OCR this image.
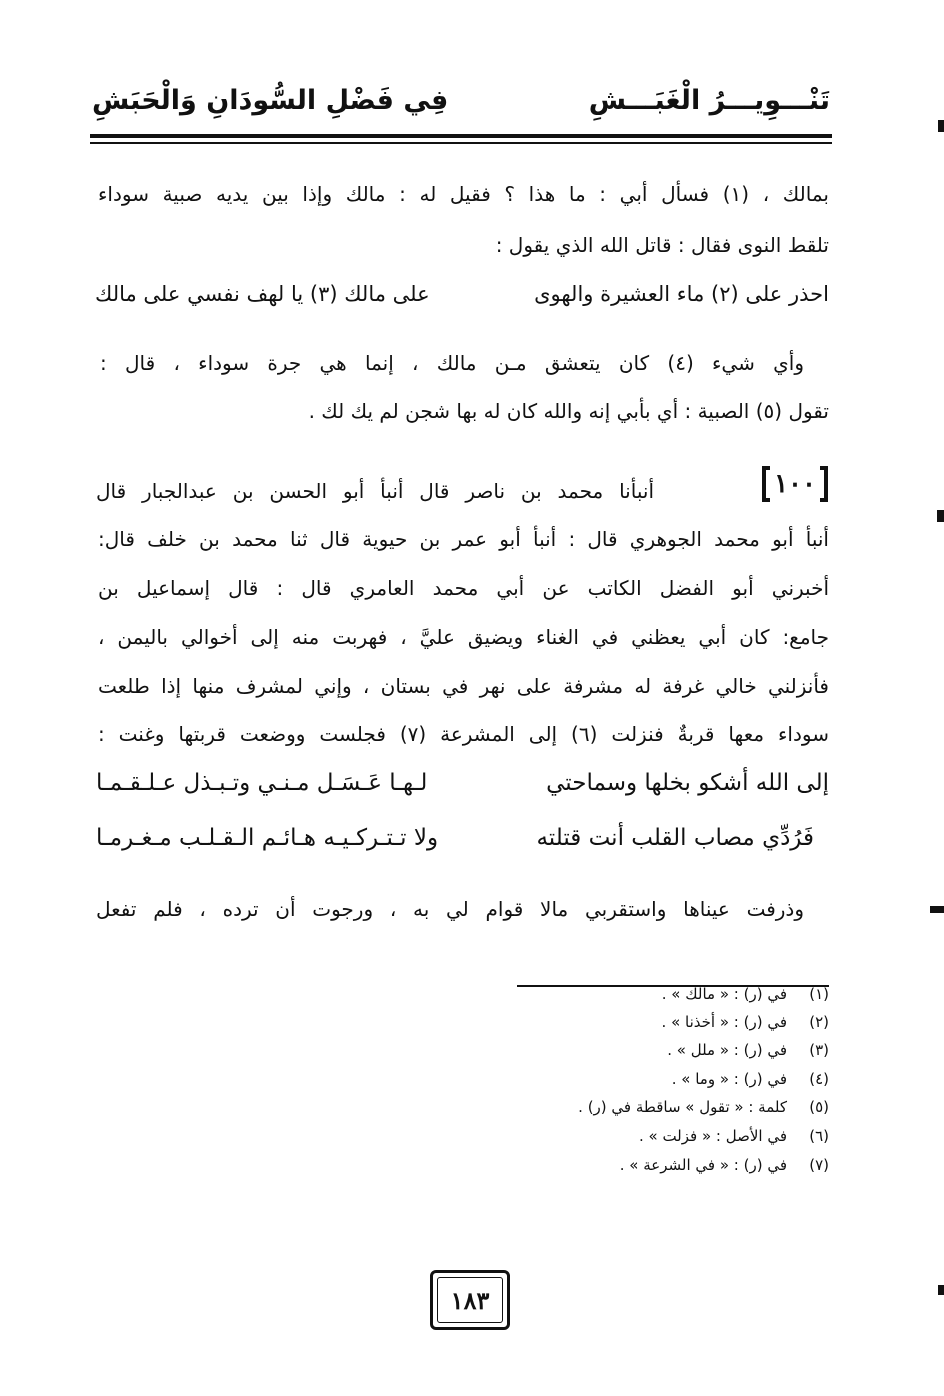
تَنْـــوِيـــرُ الْغَبَـــشِ
فِي فَضْلِ السُّودَانِ وَالْحَبَشِ
بمالك ، (١) فسأل أبي : ما هذا ؟ فقيل له : مالك وإذا بين يديه صبية سوداء
تلقط النوى فقال : قاتل الله الذي يقول :
احذر على (٢) ماء العشيرة والهوى
على مالك (٣) يا لهف نفسي على مالك
وأي شيء (٤) كان يتعشق مـن مالك ، إنما هي جرة سوداء ، قال :
تقول (٥) الصبية : أي بأبي إنه والله كان له بها شجن لم يك لك .
١٠٠
أنبأنا محمد بن ناصر قال أنبأ أبو الحسن بن عبدالجبار قال
أنبأ أبو محمد الجوهري قال : أنبأ أبو عمر بن حيوية قال ثنا محمد بن خلف قال:
أخبرني أبو الفضل الكاتب عن أبي محمد العامري قال : قال إسماعيل بن
جامع: كان أبي يعظني في الغناء ويضيق عليَّ ، فهربت منه إلى أخوالي باليمن ،
فأنزلني خالي غرفة له مشرفة على نهر في بستان ، وإني لمشرف منها إذا طلعت
سوداء معها قربةٌ فنزلت (٦) إلى المشرعة (٧) فجلست ووضعت قربتها وغنت :
إلى الله أشكو بخلها وسماحتي
لـهـا عَـسَـل مـنـي وتـبـذل عـلـقـمـا
فَرُدِّي مصاب القلب أنت قتلته
ولا تـتـركـيـه هـائـم الـقـلـب مـغـرمـا
وذرفت عيناها واستقربي مالا قوام لي به ، ورجوت أن ترده ، فلم تفعل
(١)
في (ر) : « مالك » .
(٢)
في (ر) : « أخذنا » .
(٣)
في (ر) : « ملل » .
(٤)
في (ر) : « وما » .
(٥)
كلمة : « تقول » ساقطة في (ر) .
(٦)
في الأصل : « فزلت » .
(٧)
في (ر) : « في الشرعة » .
١٨٣
